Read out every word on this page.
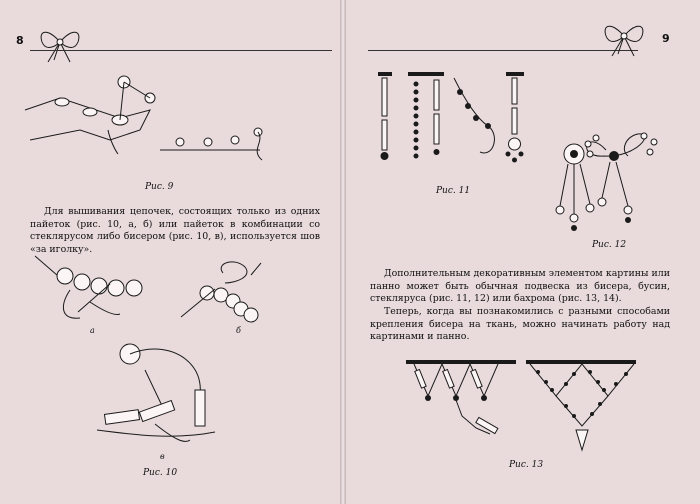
8
Рис. 9
Для вышивания цепочек, состоящих только из одних пайеток (рис. 10, а, б) или пайеток в комбинации со стеклярусом либо бисером (рис. 10, в), используется шов «за иголку».
а	б
в
Рис. 10
9
Рис. 11
Рис. 12
Дополнительным декоративным элементом картины или панно может быть обычная подвеска из бисера, бусин, стекляруса (рис. 11, 12) или бахрома (рис. 13, 14).
Теперь, когда вы познакомились с разными способами крепления бисера на ткань, можно начинать работу над картинами и панно.
Рис. 13
